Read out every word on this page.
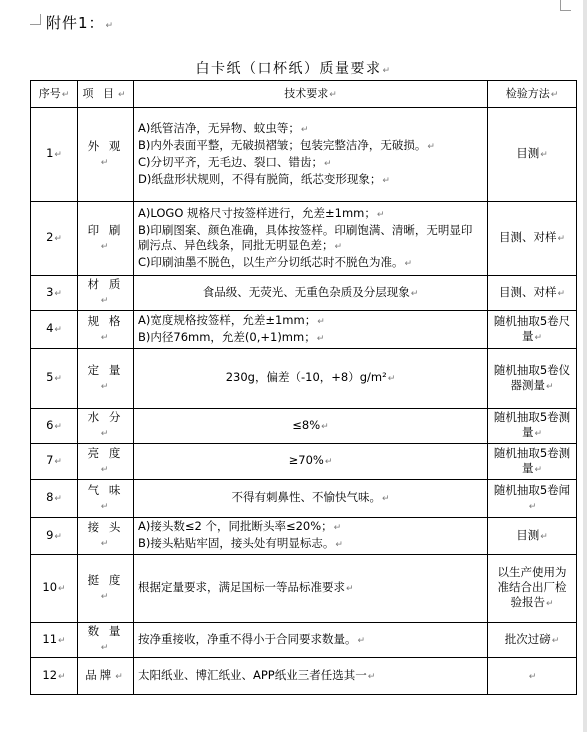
附件1：↵
白卡纸（口杯纸）质量要求↵
序号↵	项 目↵	技术要求↵	检验方法↵
1↵	外 观↵	A)纸管洁净，无异物、蚊虫等；↵
B)内外表面平整，无破损褶皱；包装完整洁净，无破损。↵
C)分切平齐，无毛边、裂口、错齿；↵
D)纸盘形状规则，不得有脱筒，纸芯变形现象；↵	目测↵
2↵	印 刷↵	A)LOGO 规格尺寸按签样进行，允差±1mm；↵
B)印刷图案、颜色准确，具体按签样。印刷饱满、清晰，无明显印刷污点、异色线条，同批无明显色差；↵
C)印刷油墨不脱色，以生产分切纸芯时不脱色为准。↵	目测、对样↵
3↵	材 质↵	食品级、无荧光、无重色杂质及分层现象↵	目测、对样↵
4↵	规 格↵	A)宽度规格按签样，允差±1mm；↵
B)内径76mm，允差(0,+1)mm；↵	随机抽取5卷尺量↵
5↵	定 量↵	230g，偏差（-10，+8）g/m²↵	随机抽取5卷仪器测量↵
6↵	水 分↵	≤8%↵	随机抽取5卷测量↵
7↵	亮 度↵	≥70%↵	随机抽取5卷测量↵
8↵	气 味↵	不得有刺鼻性、不愉快气味。↵	随机抽取5卷闻↵
9↵	接 头↵	A)接头数≤2 个，同批断头率≤20%；↵
B)接头粘贴牢固，接头处有明显标志。↵	目测↵
10↵	挺 度↵	根据定量要求，满足国标一等品标准要求↵	以生产使用为准结合出厂检验报告↵
11↵	数 量↵	按净重接收，净重不得小于合同要求数量。↵	批次过磅↵
12↵	品牌↵	太阳纸业、博汇纸业、APP纸业三者任选其一↵	↵
